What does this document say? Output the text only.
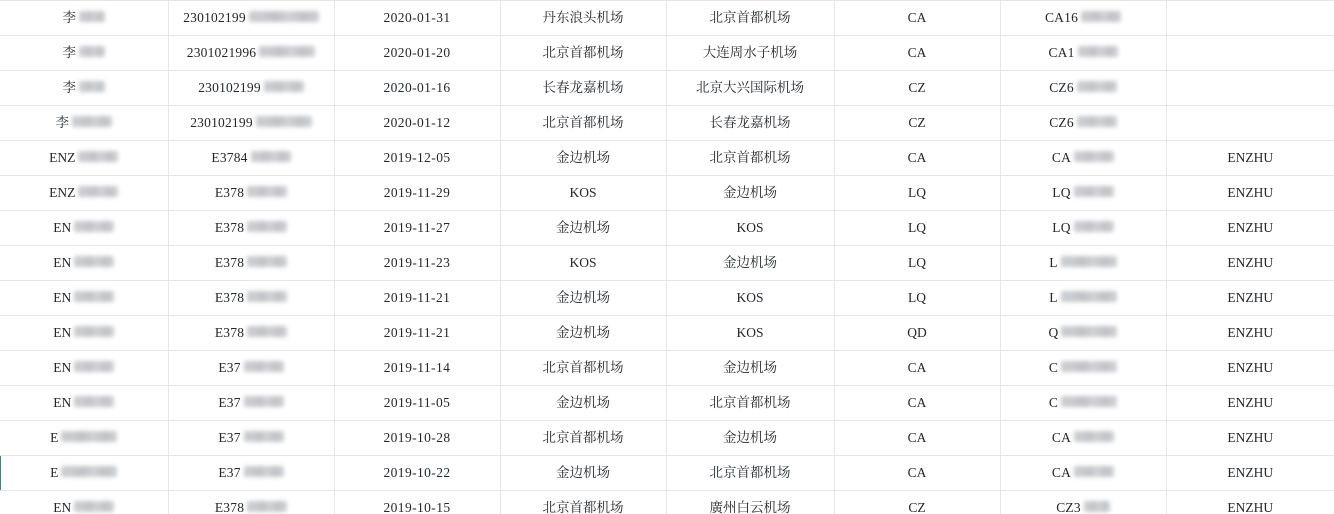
李	230102199	2020-01-31	丹东浪头机场	北京首都机场	CA	CA16	

李	2301021996	2020-01-20	北京首都机场	大连周水子机场	CA	CA1	

李	230102199	2020-01-16	长春龙嘉机场	北京大兴国际机场	CZ	CZ6	

李	230102199	2020-01-12	北京首都机场	长春龙嘉机场	CZ	CZ6	

ENZ	E3784	2019-12-05	金边机场	北京首都机场	CA	CA	ENZHU

ENZ	E378	2019-11-29	KOS	金边机场	LQ	LQ	ENZHU

EN	E378	2019-11-27	金边机场	KOS	LQ	LQ	ENZHU

EN	E378	2019-11-23	KOS	金边机场	LQ	L	ENZHU

EN	E378	2019-11-21	金边机场	KOS	LQ	L	ENZHU

EN	E378	2019-11-21	金边机场	KOS	QD	Q	ENZHU

EN	E37	2019-11-14	北京首都机场	金边机场	CA	C	ENZHU

EN	E37	2019-11-05	金边机场	北京首都机场	CA	C	ENZHU

E	E37	2019-10-28	北京首都机场	金边机场	CA	CA	ENZHU

E	E37	2019-10-22	金边机场	北京首都机场	CA	CA	ENZHU

EN	E378	2019-10-15	北京首都机场	廣州白云机场	CZ	CZ3	ENZHU
